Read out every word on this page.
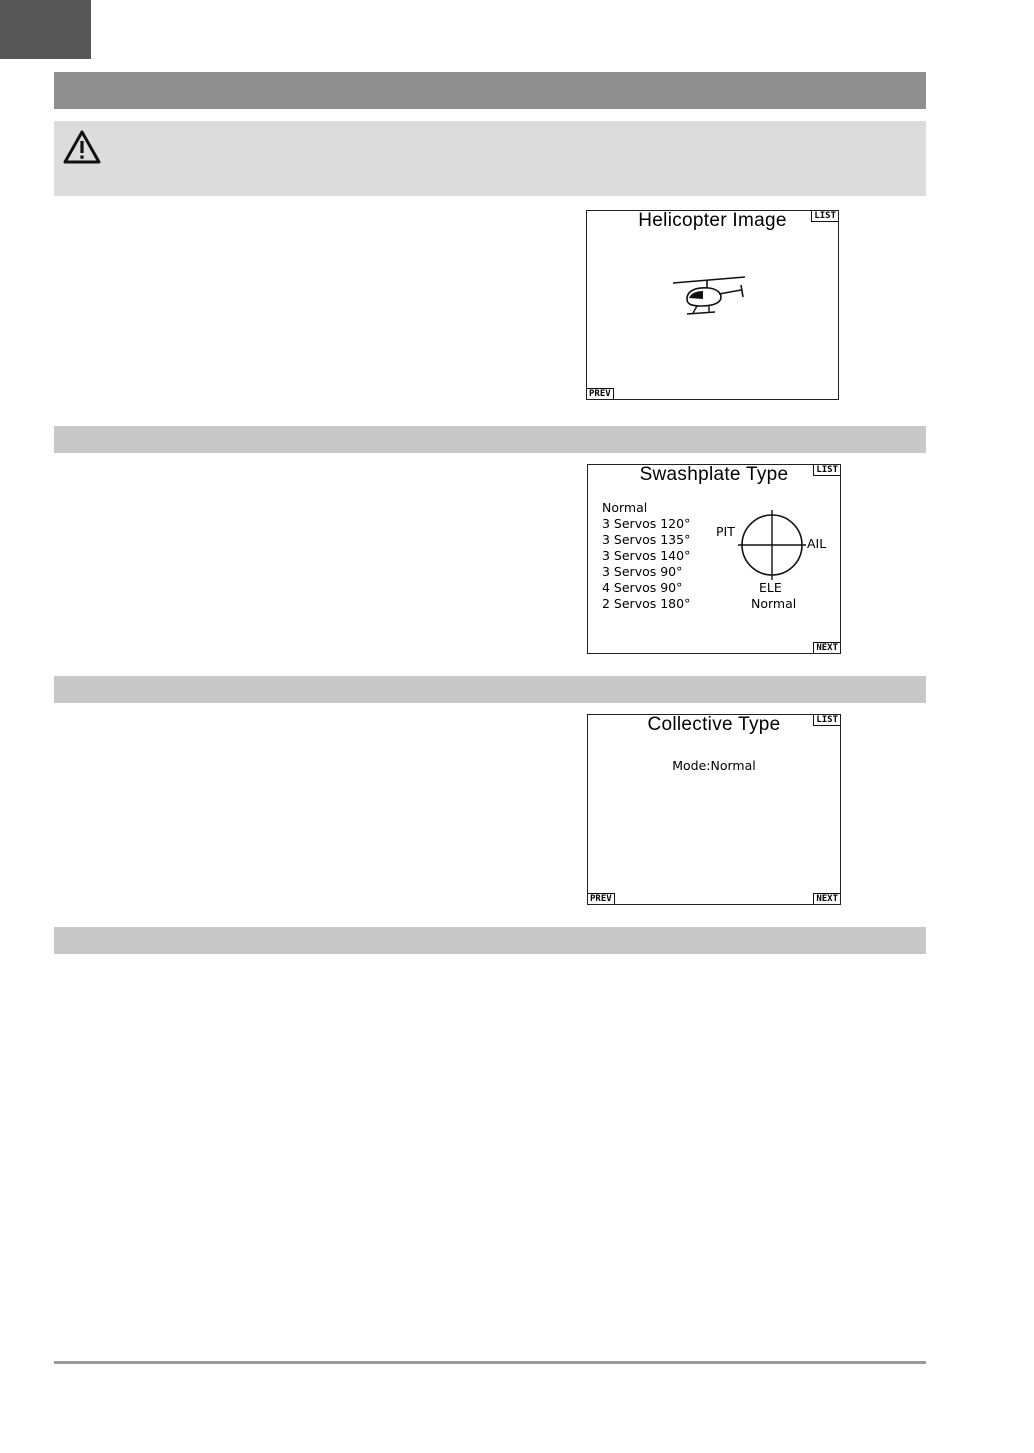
Helicopter Image	LIST
PREV
Swashplate Type	LIST
Normal
3 Servos 120°
3 Servos 135°
3 Servos 140°
3 Servos 90°
4 Servos 90°
2 Servos 180°
PIT
AIL
ELE
Normal
NEXT
Collective Type	LIST
Mode:Normal
PREV	NEXT
